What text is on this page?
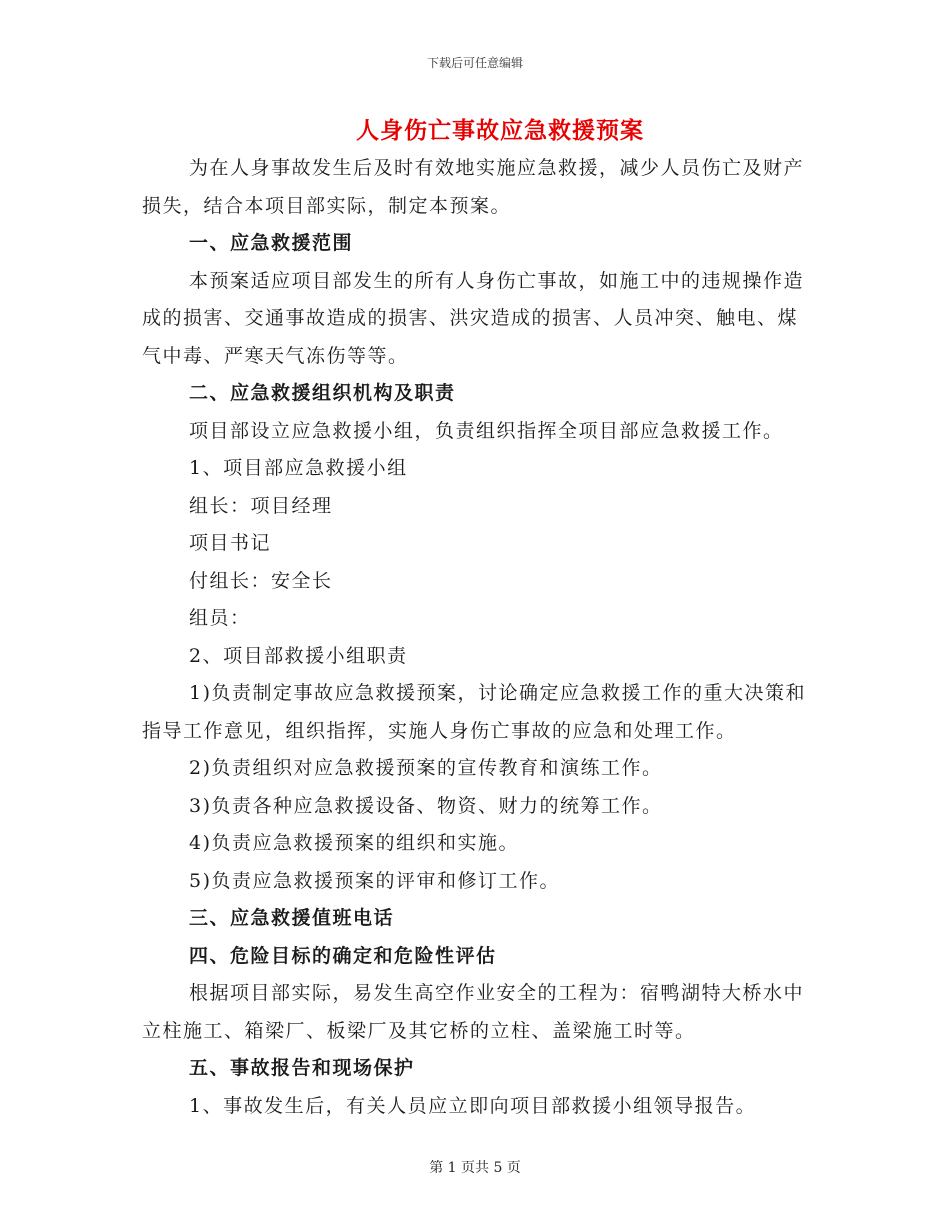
下载后可任意编辑
人身伤亡事故应急救援预案

为在人身事故发生后及时有效地实施应急救援，减少人员伤亡及财产损失，结合本项目部实际，制定本预案。

一、应急救援范围

本预案适应项目部发生的所有人身伤亡事故，如施工中的违规操作造成的损害、交通事故造成的损害、洪灾造成的损害、人员冲突、触电、煤气中毒、严寒天气冻伤等等。

二、应急救援组织机构及职责

项目部设立应急救援小组，负责组织指挥全项目部应急救援工作。

1、项目部应急救援小组

组长：项目经理

项目书记

付组长：安全长

组员：

2、项目部救援小组职责

1)负责制定事故应急救援预案，讨论确定应急救援工作的重大决策和指导工作意见，组织指挥，实施人身伤亡事故的应急和处理工作。

2)负责组织对应急救援预案的宣传教育和演练工作。

3)负责各种应急救援设备、物资、财力的统筹工作。

4)负责应急救援预案的组织和实施。

5)负责应急救援预案的评审和修订工作。

三、应急救援值班电话

四、危险目标的确定和危险性评估

根据项目部实际，易发生高空作业安全的工程为：宿鸭湖特大桥水中立柱施工、箱梁厂、板梁厂及其它桥的立柱、盖梁施工时等。

五、事故报告和现场保护

1、事故发生后，有关人员应立即向项目部救援小组领导报告。

第 1 页共 5 页
